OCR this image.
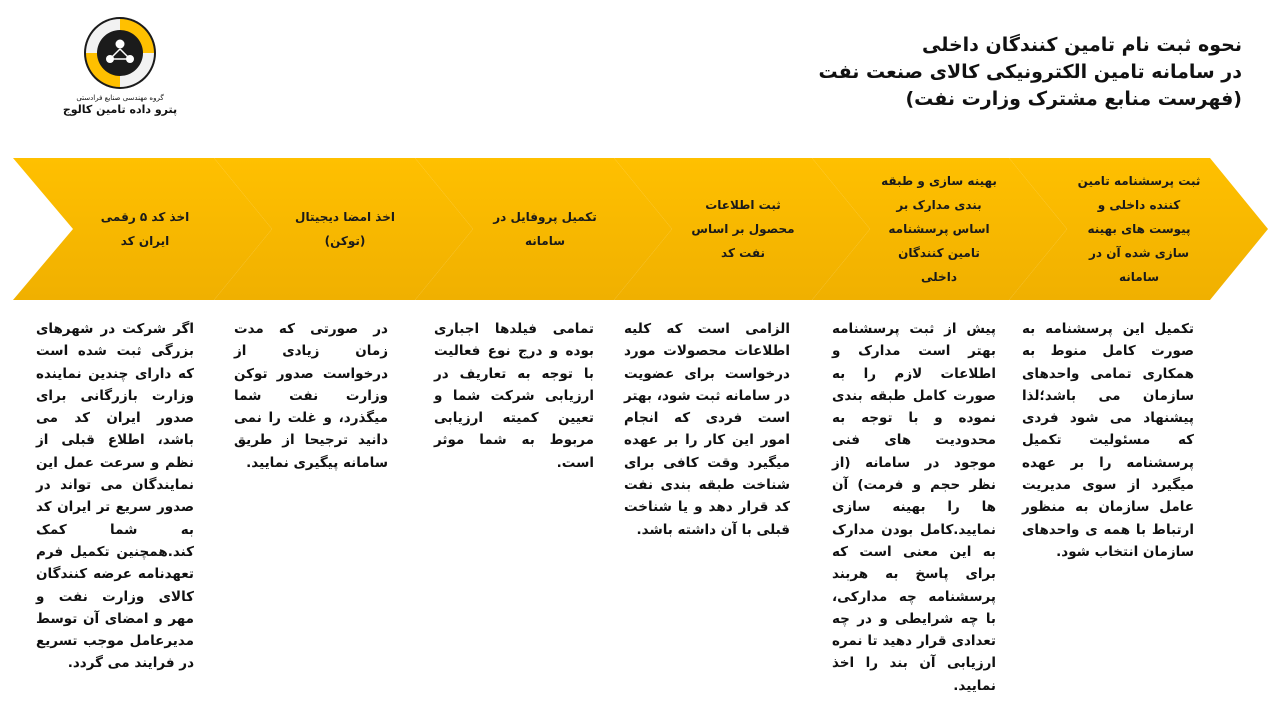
گروه مهندسی صنایع فرادستی
پترو داده تامین کالوج
نحوه ثبت نام تامین کنندگان داخلی
در سامانه تامین الکترونیکی کالای صنعت نفت
(فهرست منابع مشترک وزارت نفت)
ثبت پرسشنامه تامین
کننده داخلی و
پیوست های بهینه
سازی شده آن در
سامانه
بهینه سازی و طبقه
بندی مدارک بر
اساس پرسشنامه
تامین کنندگان
داخلی
ثبت اطلاعات
محصول بر اساس
نفت کد
تکمیل پروفایل در
سامانه
اخذ امضا دیجیتال
(توکن)
اخذ کد ۵ رقمی
ایران کد
تکمیل این پرسشنامه به صورت کامل منوط به همکاری تمامی واحدهای سازمان می باشد؛لذا پیشنهاد می شود فردی که مسئولیت تکمیل پرسشنامه را بر عهده میگیرد از سوی مدیریت عامل سازمان به منظور ارتباط با همه ی واحدهای سازمان انتخاب شود.
پیش از ثبت پرسشنامه بهتر است مدارک و اطلاعات لازم را به صورت کامل طبقه بندی نموده و با توجه به محدودیت های فنی موجود در سامانه (از نظر حجم و فرمت) آن ها را بهینه سازی نمایید.کامل بودن مدارک به این معنی است که برای پاسخ به هربند پرسشنامه چه مدارکی، با چه شرایطی و در چه تعدادی قرار دهید تا نمره ارزیابی آن بند را اخذ نمایید.
الزامی است که کلیه اطلاعات محصولات مورد درخواست برای عضویت در سامانه ثبت شود، بهتر است فردی که انجام امور این کار را بر عهده میگیرد وقت کافی برای شناخت طبقه بندی نفت کد قرار دهد و یا شناخت قبلی با آن داشته باشد.
تمامی فیلدها اجباری بوده و درج نوع فعالیت با توجه به تعاریف در ارزیابی شرکت شما و تعیین کمیته ارزیابی مربوط به شما موثر است.
در صورتی که مدت زمان زیادی از درخواست صدور توکن وزارت نفت شما میگذرد، و غلت را نمی دانید ترجیحا از طریق سامانه پیگیری نمایید.
اگر شرکت در شهرهای بزرگی ثبت شده است که دارای چندین نماینده وزارت بازرگانی برای صدور ایران کد می باشد، اطلاع قبلی از نظم و سرعت عمل این نمایندگان می تواند در صدور سریع تر ایران کد به شما کمک کند.همچنین تکمیل فرم تعهدنامه عرضه کنندگان کالای وزارت نفت و مهر و امضای آن توسط مدیرعامل موجب تسریع در فرایند می گردد.
